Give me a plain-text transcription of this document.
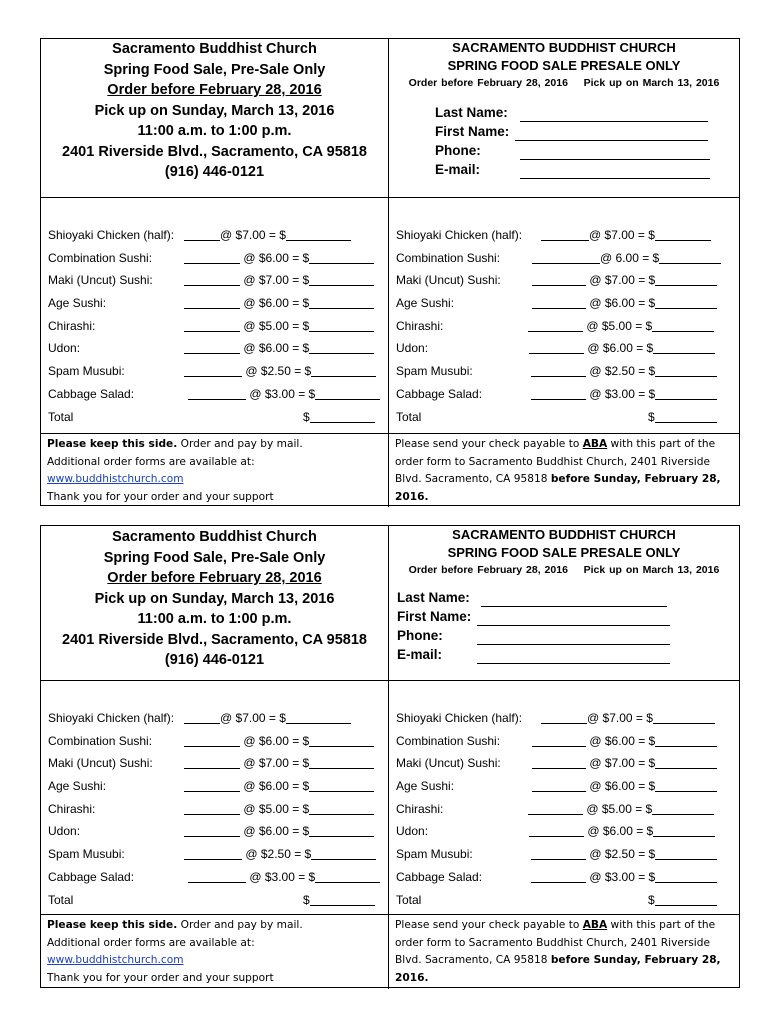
Sacramento Buddhist Church
Spring Food Sale, Pre-Sale Only
Order before February 28, 2016
Pick up on Sunday, March 13, 2016
11:00 a.m. to 1:00 p.m.
2401 Riverside Blvd., Sacramento, CA 95818
(916) 446-0121
SACRAMENTO BUDDHIST CHURCH
SPRING FOOD SALE PRESALE ONLY
Order before February 28, 2016 Pick up on March 13, 2016
Last Name:
First Name:
Phone:
E-mail:
Shioyaki Chicken (half):	@ $7.00 = $
Combination Sushi:	@ $6.00 = $
Maki (Uncut) Sushi:	@ $7.00 = $
Age Sushi:	@ $6.00 = $
Chirashi:	@ $5.00 = $
Udon:	@ $6.00 = $
Spam Musubi:	@ $2.50 = $
Cabbage Salad:	@ $3.00 = $
Total	$
Shioyaki Chicken (half):	@ $7.00 = $
Combination Sushi:	@ 6.00 = $
Maki (Uncut) Sushi:	@ $7.00 = $
Age Sushi:	@ $6.00 = $
Chirashi:	@ $5.00 = $
Udon:	@ $6.00 = $
Spam Musubi:	@ $2.50 = $
Cabbage Salad:	@ $3.00 = $
Total	$
Please keep this side. Order and pay by mail.
Additional order forms are available at:
www.buddhistchurch.com
Thank you for your order and your support
Please send your check payable to ABA with this part of the order form to Sacramento Buddhist Church, 2401 Riverside Blvd. Sacramento, CA 95818 before Sunday, February 28, 2016.
Sacramento Buddhist Church
Spring Food Sale, Pre-Sale Only
Order before February 28, 2016
Pick up on Sunday, March 13, 2016
11:00 a.m. to 1:00 p.m.
2401 Riverside Blvd., Sacramento, CA 95818
(916) 446-0121
SACRAMENTO BUDDHIST CHURCH
SPRING FOOD SALE PRESALE ONLY
Order before February 28, 2016 Pick up on March 13, 2016
Last Name:
First Name:
Phone:
E-mail:
Shioyaki Chicken (half):	@ $7.00 = $
Combination Sushi:	@ $6.00 = $
Maki (Uncut) Sushi:	@ $7.00 = $
Age Sushi:	@ $6.00 = $
Chirashi:	@ $5.00 = $
Udon:	@ $6.00 = $
Spam Musubi:	@ $2.50 = $
Cabbage Salad:	@ $3.00 = $
Total	$
Shioyaki Chicken (half):	@ $7.00 = $
Combination Sushi:	@ $6.00 = $
Maki (Uncut) Sushi:	@ $7.00 = $
Age Sushi:	@ $6.00 = $
Chirashi:	@ $5.00 = $
Udon:	@ $6.00 = $
Spam Musubi:	@ $2.50 = $
Cabbage Salad:	@ $3.00 = $
Total	$
Please keep this side. Order and pay by mail.
Additional order forms are available at:
www.buddhistchurch.com
Thank you for your order and your support
Please send your check payable to ABA with this part of the order form to Sacramento Buddhist Church, 2401 Riverside Blvd. Sacramento, CA 95818 before Sunday, February 28, 2016.
